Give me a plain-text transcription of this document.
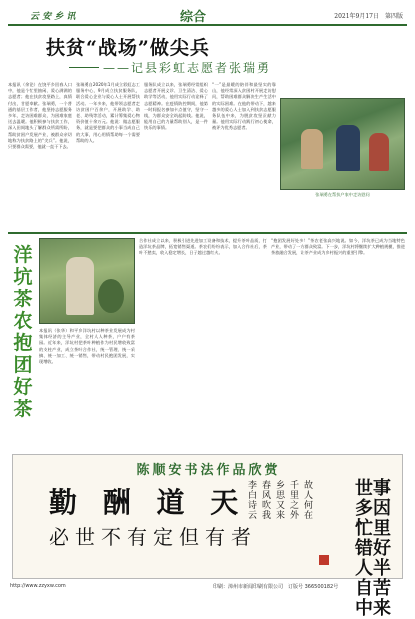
云 安 乡 讯	综合	2021年9月17日　第四版
扶贫“战场”做尖兵
——记县彩虹志愿者张瑞勇
本报讯（余论）在饶平乡回春人口中，他是个忙里抽闲、爱心满满的志愿者；他在扶贫攻坚路上，真情付出，甘愿奉献。张瑞勇，一个普通的基层工作者，他坚持志愿服务多年，走访困难群众，为困难家庭送去温暖。他积极参与扶贫工作，深入田间地头了解群众所需所盼，帮助贫困户发展产业，被群众亲切地称为扶贫路上的“尖兵”。他说，只要群众需要，他就一直干下去。
张瑞勇自2020年1月成立彩虹志工服务中心，9月成立扶贫服务队，联合爱心企业与爱心人士开展帮扶活动。一年多来，他带领志愿者走访贫困户百余户，开展助学、助老、助残等活动，累计筹集爱心物资价值十余万元。他说：做志愿服务，就是要把群众的小事当成自己的大事，用心用情帮助每一个需要帮助的人。
服务队成立以来，张瑞勇经常组织志愿者开展义诊、卫生清洁、爱心助学等活动，他用实际行动诠释了志愿精神。在疫情防控期间，他第一时间报名参加卡点值守，坚守一线，为群众安全筑起防线。他说，能用自己的力量帮助别人，是一件快乐的事情。
“一”是最暖的陪伴和最坚实的靠山，他经常深入贫困村开展走访慰问，帮助困难群众解决生产生活中的实际困难。在他的带动下，越来越多的爱心人士加入到扶贫志愿服务队伍中来，为脱贫攻坚贡献力量。他用实际行动践行初心使命，被评为优秀志愿者。
张瑞勇在帮扶户家中走访慰问
洋坑茶农抱团好茶
本报讯（张华）和平乡洋坑村以种茶业发展成为村集体经济的主导产业，全村人人种茶，户户有茶园。近年来，洋坑村把茶叶种植作为村民增收致富的支柱产业，成立茶叶合作社，统一管理、统一采摘、统一加工、统一销售，带动村民抱团发展，实现增收。
合作社成立以来，积极引进先进加工设备和技术，提升茶叶品质，打造洋坑茶品牌，拓宽销售渠道。茶农们纷纷表示，加入合作社后，茶叶不愁卖，收入稳定增长，日子越过越红火。
“抱团发展好处多！”茶农老张高兴地说。如今，洋坑茶已成为当地特色产业，带动了一方群众致富。下一步，洋坑村将继续扩大种植规模，推进茶旅融合发展，让茶产业成为乡村振兴的重要引擎。
陈顺安书法作品欣赏
勤 酬 道 天
必世不有定但有者
李白诗云
春风吹我
乡思又来
千里之外
故人何在
世事多因忙里错好人半自苦中来
http://www.zzyxw.com	印刷：漳州市新闻印刷有限公司　订版号 366500182号
